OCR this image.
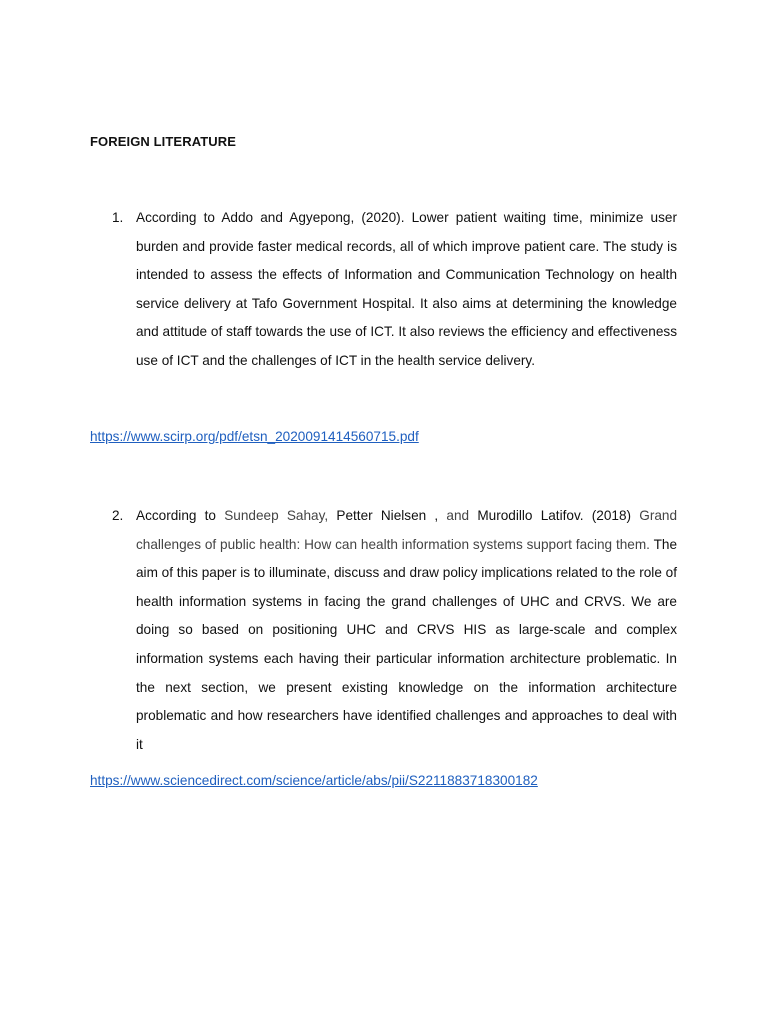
FOREIGN LITERATURE
1. According to Addo and Agyepong, (2020). Lower patient waiting time, minimize user burden and provide faster medical records, all of which improve patient care. The study is intended to assess the effects of Information and Communication Technology on health service delivery at Tafo Government Hospital. It also aims at determining the knowledge and attitude of staff towards the use of ICT. It also reviews the efficiency and effectiveness use of ICT and the challenges of ICT in the health service delivery.
https://www.scirp.org/pdf/etsn_2020091414560715.pdf
2. According to Sundeep Sahay, Petter Nielsen , and Murodillo Latifov. (2018) Grand challenges of public health: How can health information systems support facing them. The aim of this paper is to illuminate, discuss and draw policy implications related to the role of health information systems in facing the grand challenges of UHC and CRVS. We are doing so based on positioning UHC and CRVS HIS as large-scale and complex information systems each having their particular information architecture problematic. In the next section, we present existing knowledge on the information architecture problematic and how researchers have identified challenges and approaches to deal with it
https://www.sciencedirect.com/science/article/abs/pii/S2211883718300182
